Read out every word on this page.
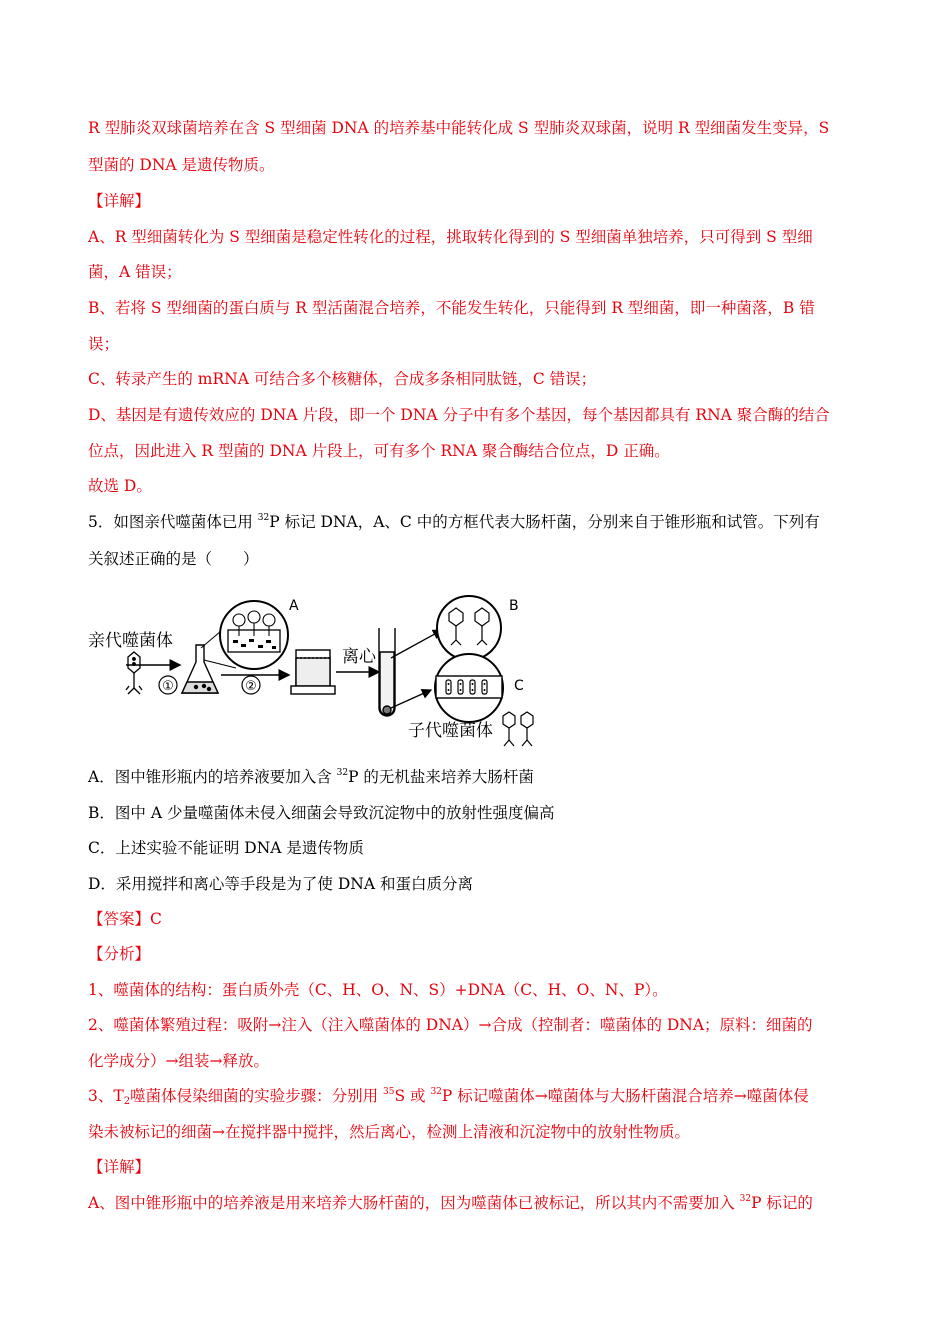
R 型肺炎双球菌培养在含 S 型细菌 DNA 的培养基中能转化成 S 型肺炎双球菌，说明 R 型细菌发生变异，S
型菌的 DNA 是遗传物质。
【详解】
A、R 型细菌转化为 S 型细菌是稳定性转化的过程，挑取转化得到的 S 型细菌单独培养，只可得到 S 型细
菌，A 错误；
B、若将 S 型细菌的蛋白质与 R 型活菌混合培养，不能发生转化，只能得到 R 型细菌，即一种菌落，B 错
误；
C、转录产生的 mRNA 可结合多个核糖体，合成多条相同肽链，C 错误；
D、基因是有遗传效应的 DNA 片段，即一个 DNA 分子中有多个基因，每个基因都具有 RNA 聚合酶的结合
位点，因此进入 R 型菌的 DNA 片段上，可有多个 RNA 聚合酶结合位点，D 正确。
故选 D。
5．如图亲代噬菌体已用 $^{32}$P 标记 DNA，A、C 中的方框代表大肠杆菌，分别来自于锥形瓶和试管。下列有
关叙述正确的是（　　）
亲代噬菌体
①
A
②
离心
B
C
子代噬菌体
A．图中锥形瓶内的培养液要加入含 $^{32}$P 的无机盐来培养大肠杆菌
B．图中 A 少量噬菌体未侵入细菌会导致沉淀物中的放射性强度偏高
C．上述实验不能证明 DNA 是遗传物质
D．采用搅拌和离心等手段是为了使 DNA 和蛋白质分离
【答案】C
【分析】
1、噬菌体的结构：蛋白质外壳（C、H、O、N、S）+DNA（C、H、O、N、P）。
2、噬菌体繁殖过程：吸附→注入（注入噬菌体的 DNA）→合成（控制者：噬菌体的 DNA；原料：细菌的
化学成分）→组装→释放。
3、$T_2$噬菌体侵染细菌的实验步骤：分别用 $^{35}$S 或 $^{32}$P 标记噬菌体→噬菌体与大肠杆菌混合培养→噬菌体侵
染未被标记的细菌→在搅拌器中搅拌，然后离心，检测上清液和沉淀物中的放射性物质。
【详解】
A、图中锥形瓶中的培养液是用来培养大肠杆菌的，因为噬菌体已被标记，所以其内不需要加入 $^{32}$P 标记的
